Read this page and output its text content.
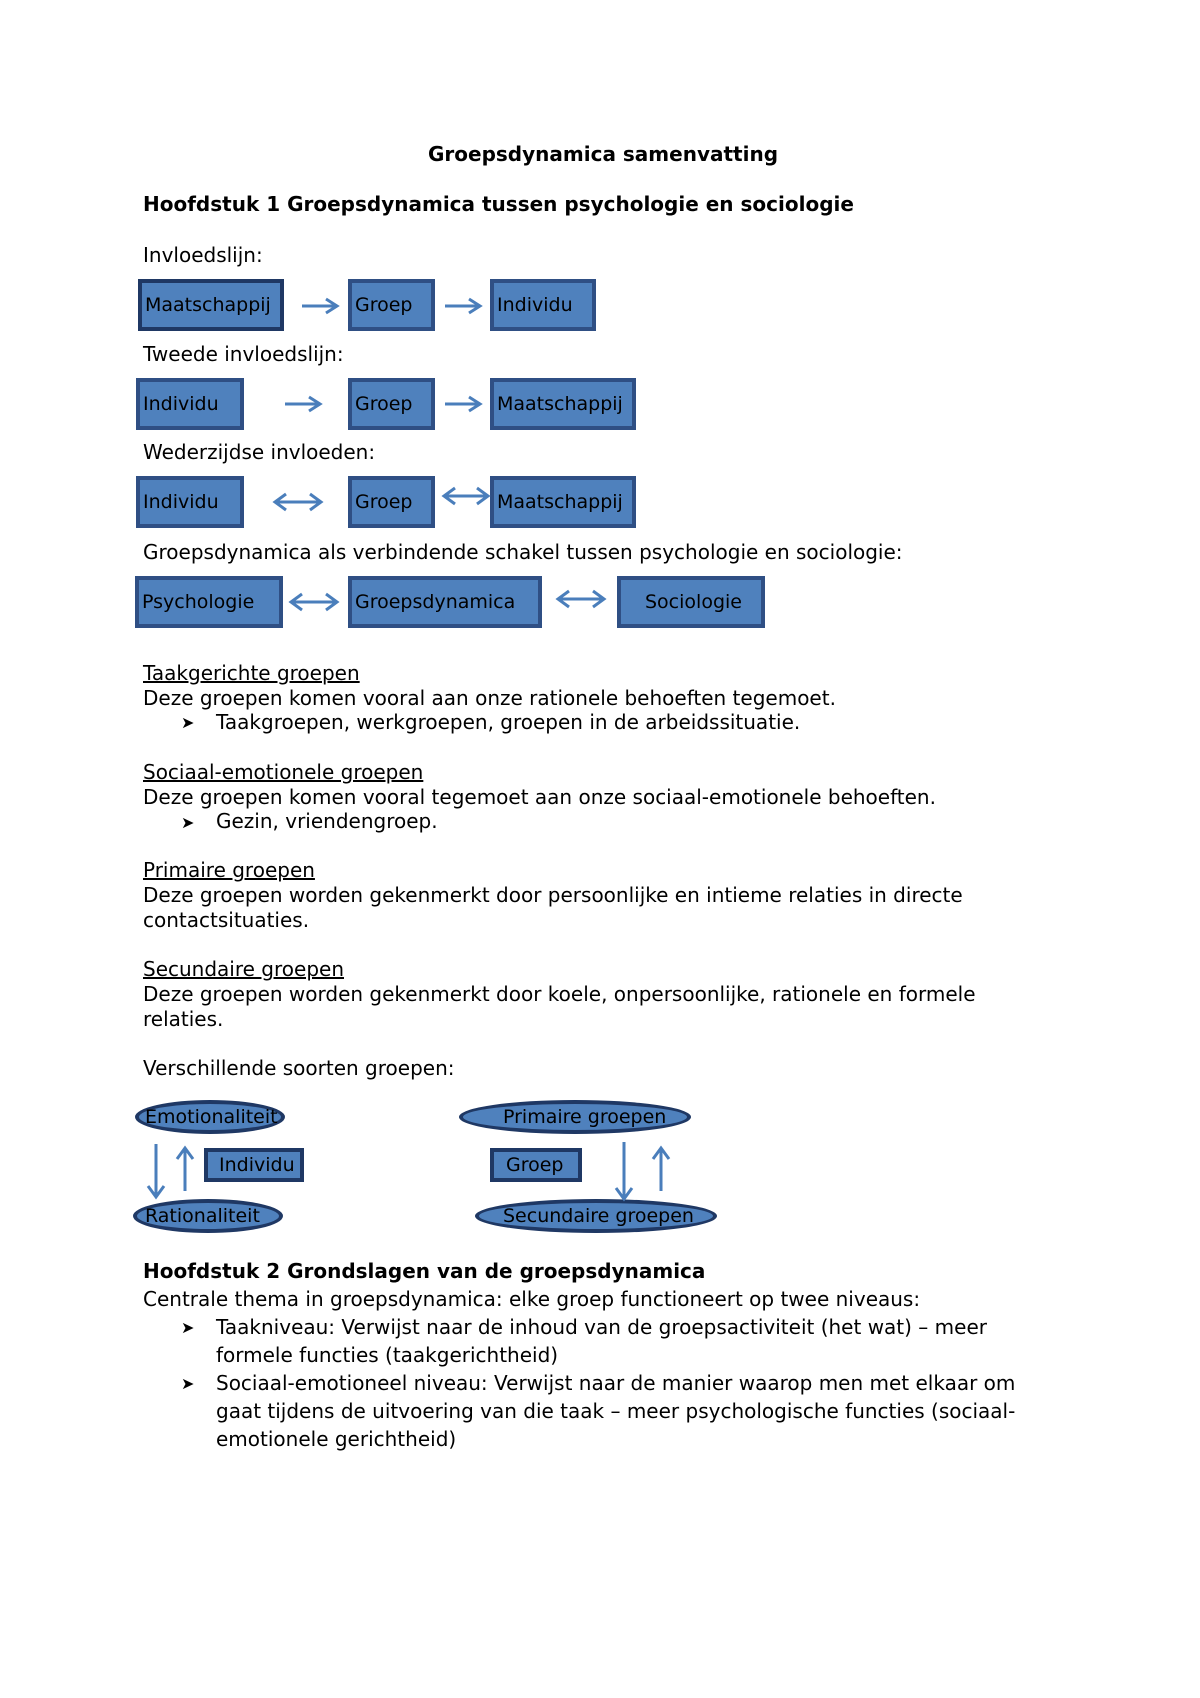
Groepsdynamica samenvatting
Hoofdstuk 1 Groepsdynamica tussen psychologie en sociologie
Invloedslijn:
Maatschappij	Groep	Individu
Tweede invloedslijn:
Individu	Groep	Maatschappij
Wederzijdse invloeden:
Individu	Groep	Maatschappij
Groepsdynamica als verbindende schakel tussen psychologie en sociologie:
Psychologie	Groepsdynamica	Sociologie
Taakgerichte groepen
Deze groepen komen vooral aan onze rationele behoeften tegemoet.
➤ Taakgroepen, werkgroepen, groepen in de arbeidssituatie.
Sociaal-emotionele groepen
Deze groepen komen vooral tegemoet aan onze sociaal-emotionele behoeften.
➤ Gezin, vriendengroep.
Primaire groepen
Deze groepen worden gekenmerkt door persoonlijke en intieme relaties in directe
contactsituaties.
Secundaire groepen
Deze groepen worden gekenmerkt door koele, onpersoonlijke, rationele en formele
relaties.
Verschillende soorten groepen:
Emotionaliteit
Individu
Rationaliteit
Primaire groepen
Groep
Secundaire groepen
Hoofdstuk 2 Grondslagen van de groepsdynamica
Centrale thema in groepsdynamica: elke groep functioneert op twee niveaus:
➤ Taakniveau: Verwijst naar de inhoud van de groepsactiviteit (het wat) – meer
formele functies (taakgerichtheid)
➤ Sociaal-emotioneel niveau: Verwijst naar de manier waarop men met elkaar om
gaat tijdens de uitvoering van die taak – meer psychologische functies (sociaal-
emotionele gerichtheid)
